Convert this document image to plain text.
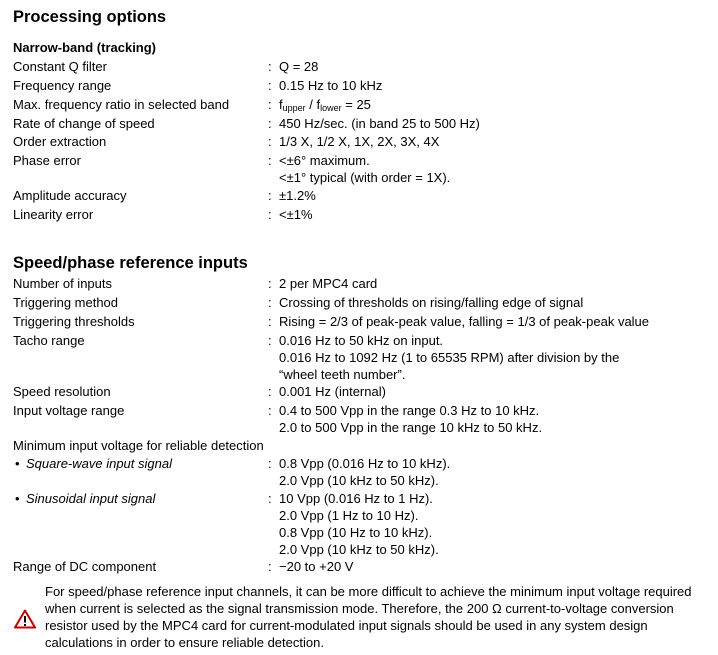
Processing options
Narrow-band (tracking)
Constant Q filter	: Q = 28
Frequency range	: 0.15 Hz to 10 kHz
Max. frequency ratio in selected band	: $f_{upper} / f_{lower} = 25$
Rate of change of speed	: 450 Hz/sec. (in band 25 to 500 Hz)
Order extraction	: 1/3 X, 1/2 X, 1X, 2X, 3X, 4X
Phase error	: <±6° maximum.
<±1° typical (with order = 1X).
Amplitude accuracy	: ±1.2%
Linearity error	: <±1%
Speed/phase reference inputs
Number of inputs	: 2 per MPC4 card
Triggering method	: Crossing of thresholds on rising/falling edge of signal
Triggering thresholds	: Rising = 2/3 of peak-peak value, falling = 1/3 of peak-peak value
Tacho range	: 0.016 Hz to 50 kHz on input.
0.016 Hz to 1092 Hz (1 to 65535 RPM) after division by the
“wheel teeth number”.
Speed resolution	: 0.001 Hz (internal)
Input voltage range	: 0.4 to 500 Vpp in the range 0.3 Hz to 10 kHz.
2.0 to 500 Vpp in the range 10 kHz to 50 kHz.
Minimum input voltage for reliable detection
• Square-wave input signal	: 0.8 Vpp (0.016 Hz to 10 kHz).
2.0 Vpp (10 kHz to 50 kHz).
• Sinusoidal input signal	: 10 Vpp (0.016 Hz to 1 Hz).
2.0 Vpp (1 Hz to 10 Hz).
0.8 Vpp (10 Hz to 10 kHz).
2.0 Vpp (10 kHz to 50 kHz).
Range of DC component	: −20 to +20 V
For speed/phase reference input channels, it can be more difficult to achieve the minimum input voltage required when current is selected as the signal transmission mode. Therefore, the 200 Ω current-to-voltage conversion resistor used by the MPC4 card for current-modulated input signals should be used in any system design calculations in order to ensure reliable detection.
